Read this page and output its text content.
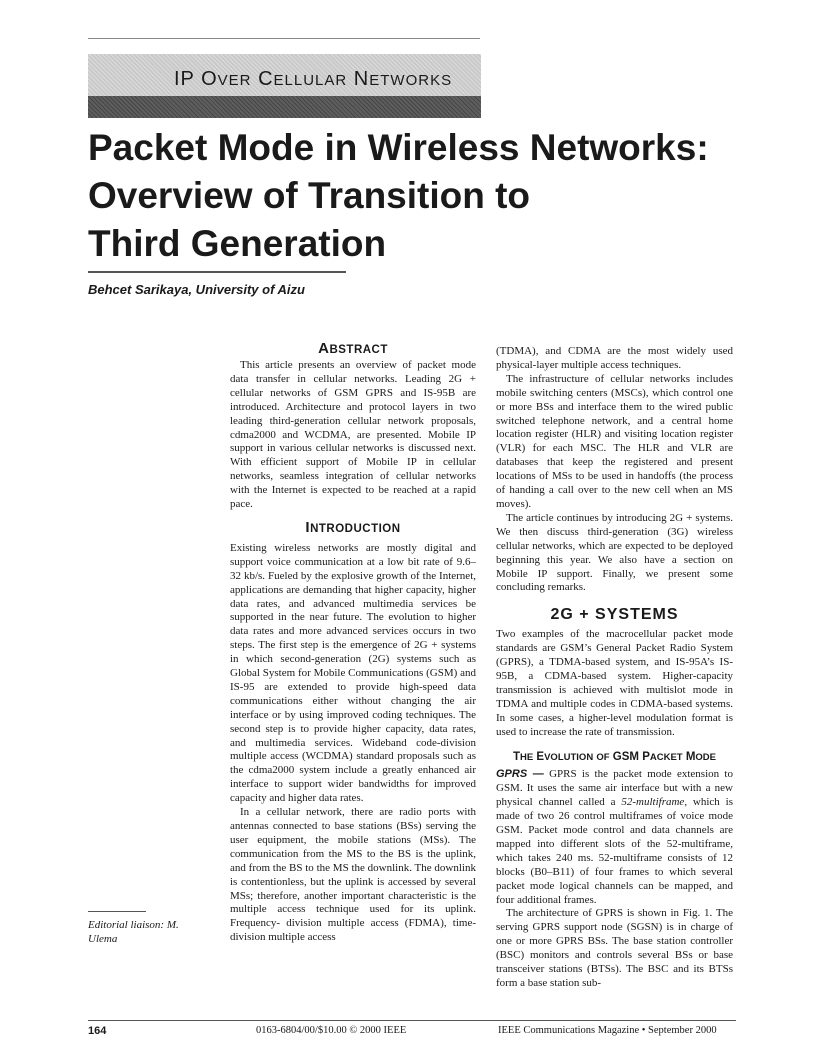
IP OVER CELLULAR NETWORKS
Packet Mode in Wireless Networks:
Overview of Transition to
Third Generation

Behcet Sarikaya, University of Aizu

ABSTRACT

This article presents an overview of packet mode data transfer in cellular networks. Leading 2G + cellular networks of GSM GPRS and IS-95B are introduced. Architecture and protocol layers in two leading third-generation cellular network proposals, cdma2000 and WCDMA, are presented. Mobile IP support in various cellular networks is discussed next. With efficient support of Mobile IP in cellular networks, seamless integration of cellular networks with the Internet is expected to be reached at a rapid pace.

INTRODUCTION

Existing wireless networks are mostly digital and support voice communication at a low bit rate of 9.6–32 kb/s. Fueled by the explosive growth of the Internet, applications are demanding that higher capacity, higher data rates, and advanced multimedia services be supported in the near future. The evolution to higher data rates and more advanced services occurs in two steps. The first step is the emergence of 2G + systems in which second-generation (2G) systems such as Global System for Mobile Communications (GSM) and IS-95 are extended to provide high-speed data communications either without changing the air interface or by using improved coding techniques. The second step is to provide higher capacity, data rates, and multimedia services. Wideband code-division multiple access (WCDMA) standard proposals such as the cdma2000 system include a greatly enhanced air interface to support wider bandwidths for improved capacity and higher data rates.

In a cellular network, there are radio ports with antennas connected to base stations (BSs) serving the user equipment, the mobile stations (MSs). The communication from the MS to the BS is the uplink, and from the BS to the MS the downlink. The downlink is contentionless, but the uplink is accessed by several MSs; therefore, another important characteristic is the multiple access technique used for its uplink. Frequency- division multiple access (FDMA), time-division multiple access

(TDMA), and CDMA are the most widely used physical-layer multiple access techniques.

The infrastructure of cellular networks includes mobile switching centers (MSCs), which control one or more BSs and interface them to the wired public switched telephone network, and a central home location register (HLR) and visiting location register (VLR) for each MSC. The HLR and VLR are databases that keep the registered and present locations of MSs to be used in handoffs (the process of handing a call over to the new cell when an MS moves).

The article continues by introducing 2G + systems. We then discuss third-generation (3G) wireless cellular networks, which are expected to be deployed beginning this year. We also have a section on Mobile IP support. Finally, we present some concluding remarks.

2G + SYSTEMS

Two examples of the macrocellular packet mode standards are GSM’s General Packet Radio System (GPRS), a TDMA-based system, and IS-95A’s IS-95B, a CDMA-based system. Higher-capacity transmission is achieved with multislot mode in TDMA and multiple codes in CDMA-based systems. In some cases, a higher-level modulation format is used to increase the rate of transmission.

THE EVOLUTION OF GSM PACKET MODE

GPRS — GPRS is the packet mode extension to GSM. It uses the same air interface but with a new physical channel called a 52-multiframe, which is made of two 26 control multiframes of voice mode GSM. Packet mode control and data channels are mapped into different slots of the 52-multiframe, which takes 240 ms. 52-multiframe consists of 12 blocks (B0–B11) of four frames to which several packet mode logical channels can be mapped, and four additional frames.

The architecture of GPRS is shown in Fig. 1. The serving GPRS support node (SGSN) is in charge of one or more GPRS BSs. The base station controller (BSC) monitors and controls several BSs or base transceiver stations (BTSs). The BSC and its BTSs form a base station sub-

Editorial liaison: M. Ulema

164	0163-6804/00/$10.00 © 2000 IEEE	IEEE Communications Magazine • September 2000
